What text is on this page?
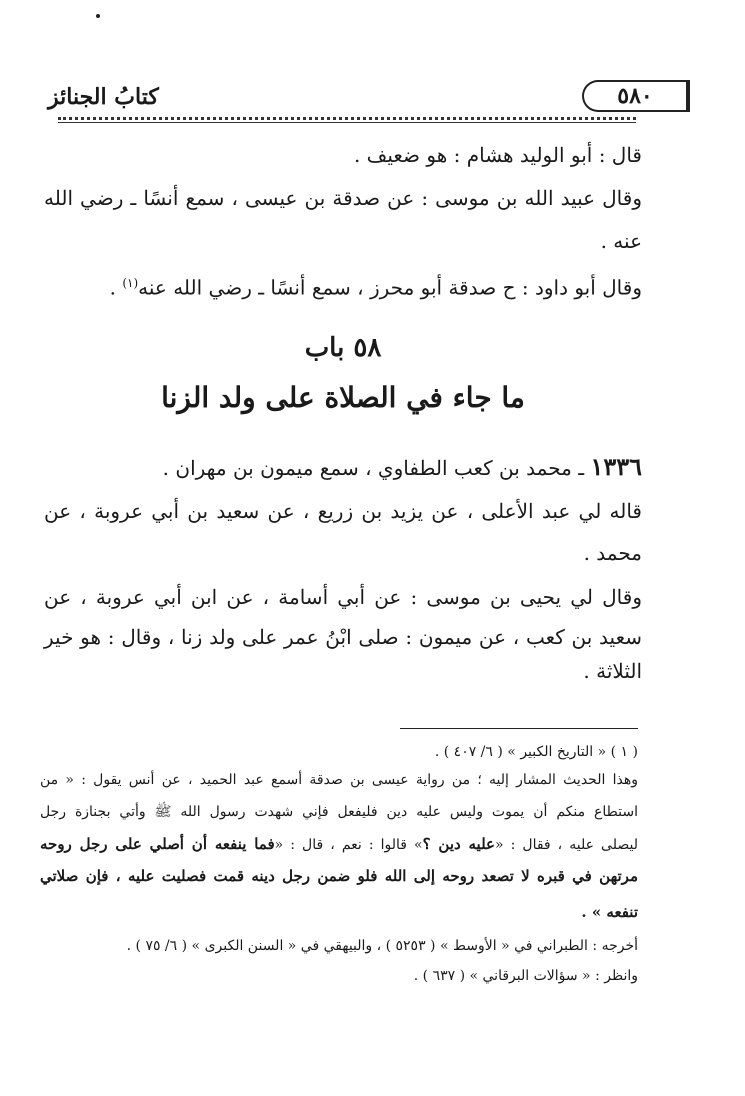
٥٨٠
كتابُ الجنائز
قال : أبو الوليد هشام : هو ضعيف .
وقال عبيد الله بن موسى : عن صدقة بن عيسى ، سمع أنسًا ـ رضي الله
عنه .
وقال أبو داود : ح صدقة أبو محرز ، سمع أنسًا ـ رضي الله عنه$^{(١)}$ .
٥٨ باب
ما جاء في الصلاة على ولد الزنا
١٣٣٦ ـ محمد بن كعب الطفاوي ، سمع ميمون بن مهران .
قاله لي عبد الأعلى ، عن يزيد بن زريع ، عن سعيد بن أبي عروبة ، عن
محمد .
وقال لي يحيى بن موسى : عن أبي أسامة ، عن ابن أبي عروبة ، عن
سعيد بن كعب ، عن ميمون : صلى ابْنُ عمر على ولد زنا ، وقال : هو خير
الثلاثة .
( ١ ) « التاريخ الكبير » ( ٦/ ٤٠٧ ) .
وهذا الحديث المشار إليه ؛ من رواية عيسى بن صدقة أسمع عبد الحميد ، عن أنس يقول : « من
استطاع منكم أن يموت وليس عليه دين فليفعل فإني شهدت رسول الله ﷺ وأتي بجنازة رجل
ليصلى عليه ، فقال : «عليه دين ؟» قالوا : نعم ، قال : «فما ينفعه أن أصلي على رجل روحه
مرتهن في قبره لا تصعد روحه إلى الله فلو ضمن رجل دينه قمت فصليت عليه ، فإن صلاتي
تنفعه » .
أخرجه : الطبراني في « الأوسط » ( ٥٢٥٣ ) ، والبيهقي في « السنن الكبرى » ( ٦/ ٧٥ ) .
وانظر : « سؤالات البرقاني » ( ٦٣٧ ) .
